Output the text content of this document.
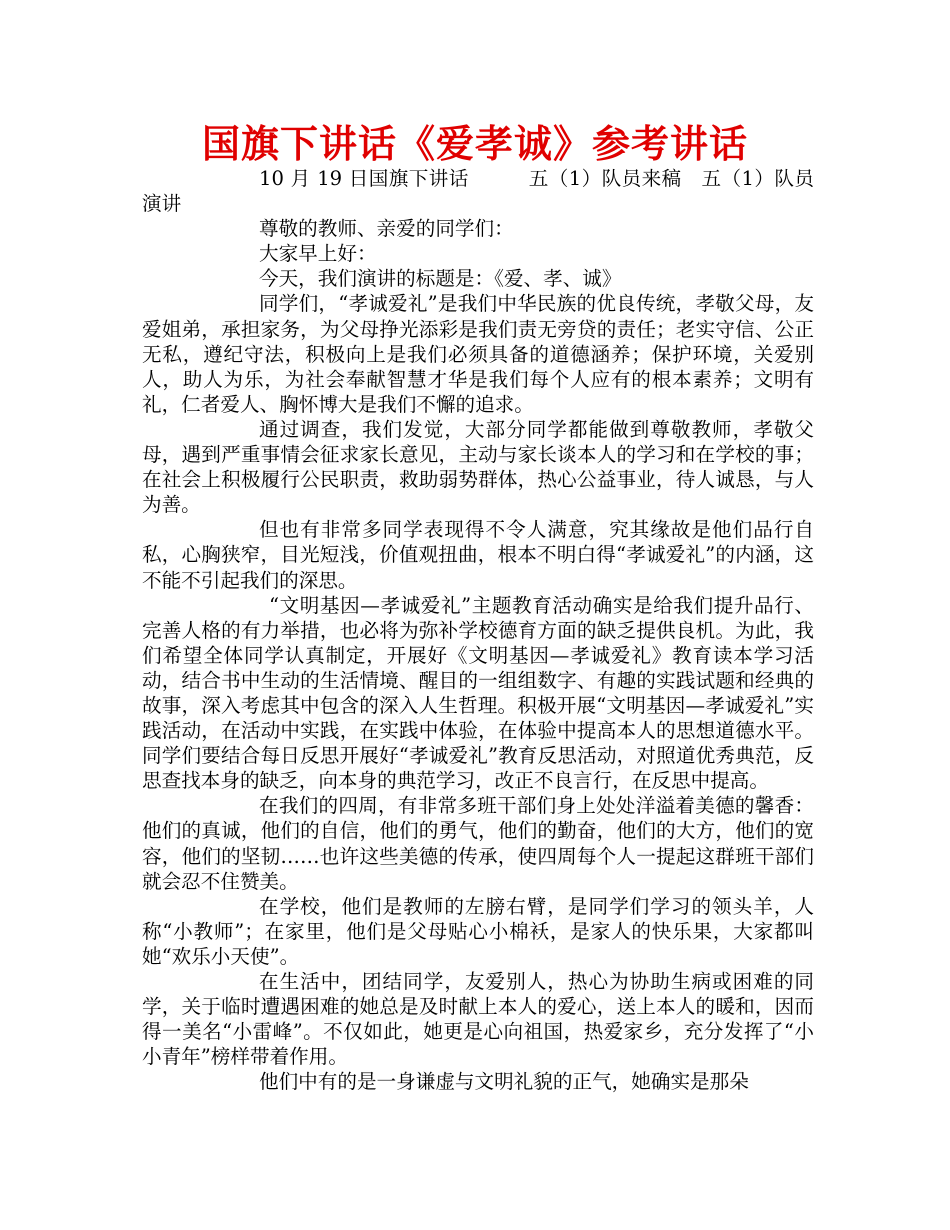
国旗下讲话《爱孝诚》参考讲话

10 月 19 日国旗下讲话　　　五（1）队员来稿　五（1）队员演讲

尊敬的教师、亲爱的同学们：

大家早上好：

今天，我们演讲的标题是：《爱、孝、诚》

同学们，“孝诚爱礼”是我们中华民族的优良传统，孝敬父母，友爱姐弟，承担家务，为父母挣光添彩是我们责无旁贷的责任；老实守信、公正无私，遵纪守法，积极向上是我们必须具备的道德涵养；保护环境，关爱别人，助人为乐，为社会奉献智慧才华是我们每个人应有的根本素养；文明有礼，仁者爱人、胸怀博大是我们不懈的追求。

通过调查，我们发觉，大部分同学都能做到尊敬教师，孝敬父母，遇到严重事情会征求家长意见，主动与家长谈本人的学习和在学校的事；在社会上积极履行公民职责，救助弱势群体，热心公益事业，待人诚恳，与人为善。

但也有非常多同学表现得不令人满意，究其缘故是他们品行自私，心胸狭窄，目光短浅，价值观扭曲，根本不明白得“孝诚爱礼”的内涵，这不能不引起我们的深思。

“文明基因—孝诚爱礼”主题教育活动确实是给我们提升品行、完善人格的有力举措，也必将为弥补学校德育方面的缺乏提供良机。为此，我们希望全体同学认真制定，开展好《文明基因—孝诚爱礼》教育读本学习活动，结合书中生动的生活情境、醒目的一组组数字、有趣的实践试题和经典的故事，深入考虑其中包含的深入人生哲理。积极开展“文明基因—孝诚爱礼”实践活动，在活动中实践，在实践中体验，在体验中提高本人的思想道德水平。同学们要结合每日反思开展好“孝诚爱礼”教育反思活动，对照道优秀典范，反思查找本身的缺乏，向本身的典范学习，改正不良言行，在反思中提高。

在我们的四周，有非常多班干部们身上处处洋溢着美德的馨香：他们的真诚，他们的自信，他们的勇气，他们的勤奋，他们的大方，他们的宽容，他们的坚韧……也许这些美德的传承，使四周每个人一提起这群班干部们就会忍不住赞美。

在学校，他们是教师的左膀右臂，是同学们学习的领头羊，人称“小教师”；在家里，他们是父母贴心小棉袄，是家人的快乐果，大家都叫她“欢乐小天使”。

在生活中，团结同学，友爱别人，热心为协助生病或困难的同学，关于临时遭遇困难的她总是及时献上本人的爱心，送上本人的暖和，因而得一美名“小雷峰”。不仅如此，她更是心向祖国，热爱家乡，充分发挥了“小小青年”榜样带着作用。

他们中有的是一身谦虚与文明礼貌的正气，她确实是那朵
